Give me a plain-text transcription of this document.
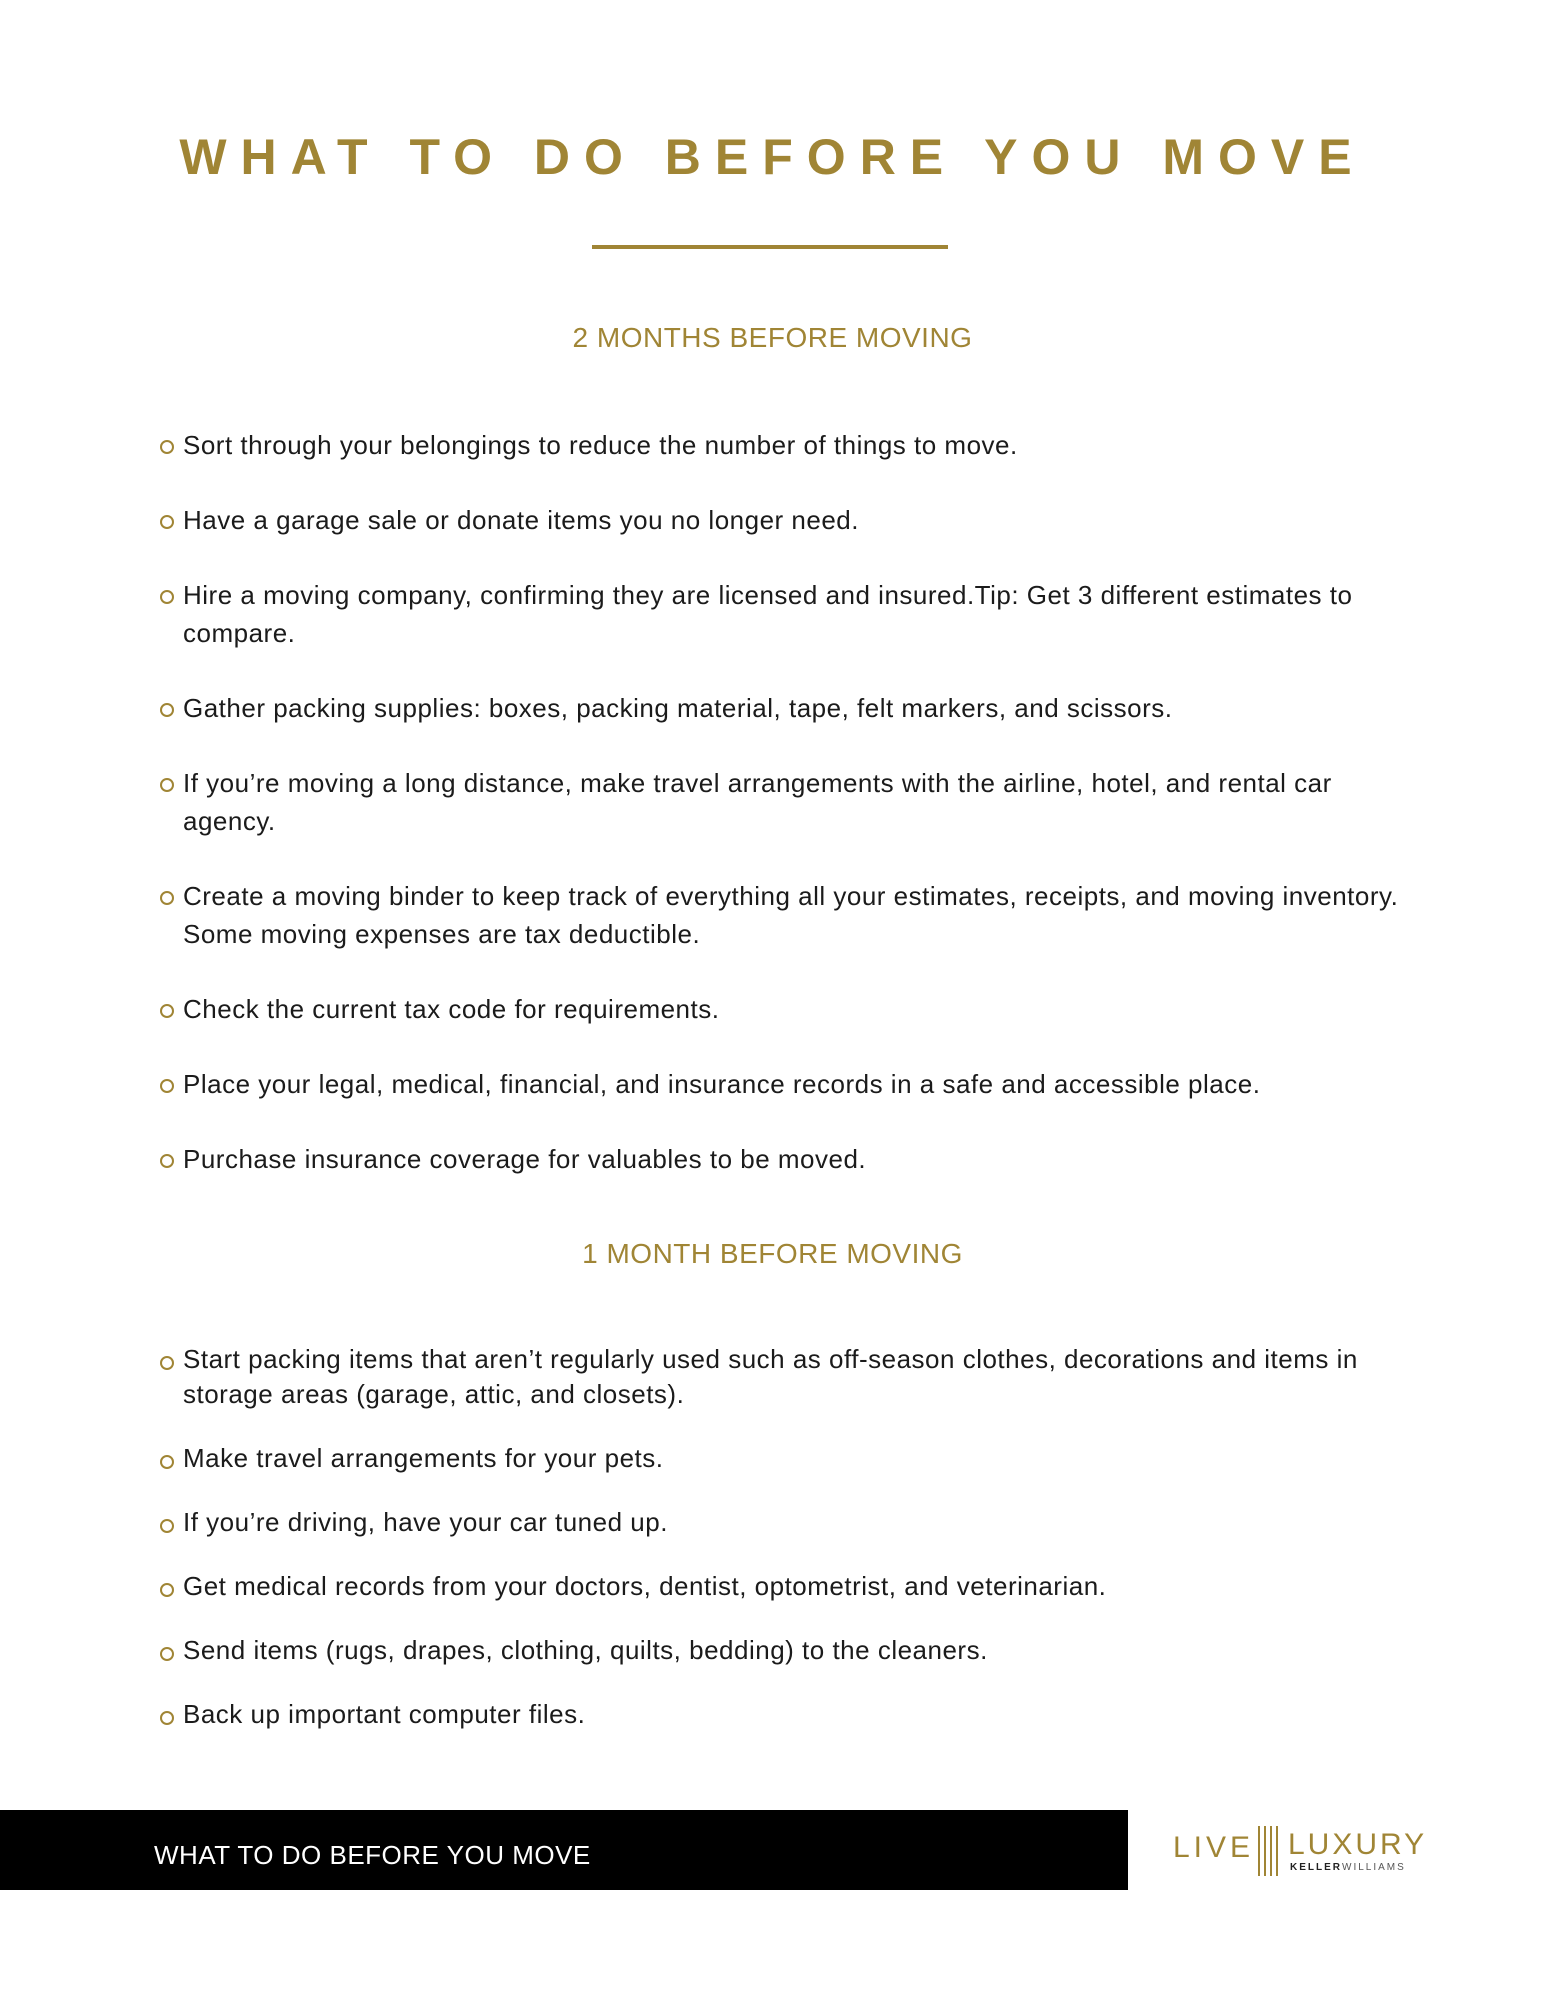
WHAT TO DO BEFORE YOU MOVE
2 MONTHS BEFORE MOVING
Sort through your belongings to reduce the number of things to move.
Have a garage sale or donate items you no longer need.
Hire a moving company, confirming they are licensed and insured.Tip: Get 3 different estimates to compare.
Gather packing supplies: boxes, packing material, tape, felt markers, and scissors.
If you’re moving a long distance, make travel arrangements with the airline, hotel, and rental car agency.
Create a moving binder to keep track of everything all your estimates, receipts, and moving inventory. Some moving expenses are tax deductible.
Check the current tax code for requirements.
Place your legal, medical, financial, and insurance records in a safe and accessible place.
Purchase insurance coverage for valuables to be moved.
1 MONTH BEFORE MOVING
Start packing items that aren’t regularly used such as off-season clothes, decorations and items in storage areas (garage, attic, and closets).
Make travel arrangements for your pets.
If you’re driving, have your car tuned up.
Get medical records from your doctors, dentist, optometrist, and veterinarian.
Send items (rugs, drapes, clothing, quilts, bedding) to the cleaners.
Back up important computer files.
WHAT TO DO BEFORE YOU MOVE	LIVE LUXURY
KELLERWILLIAMS
